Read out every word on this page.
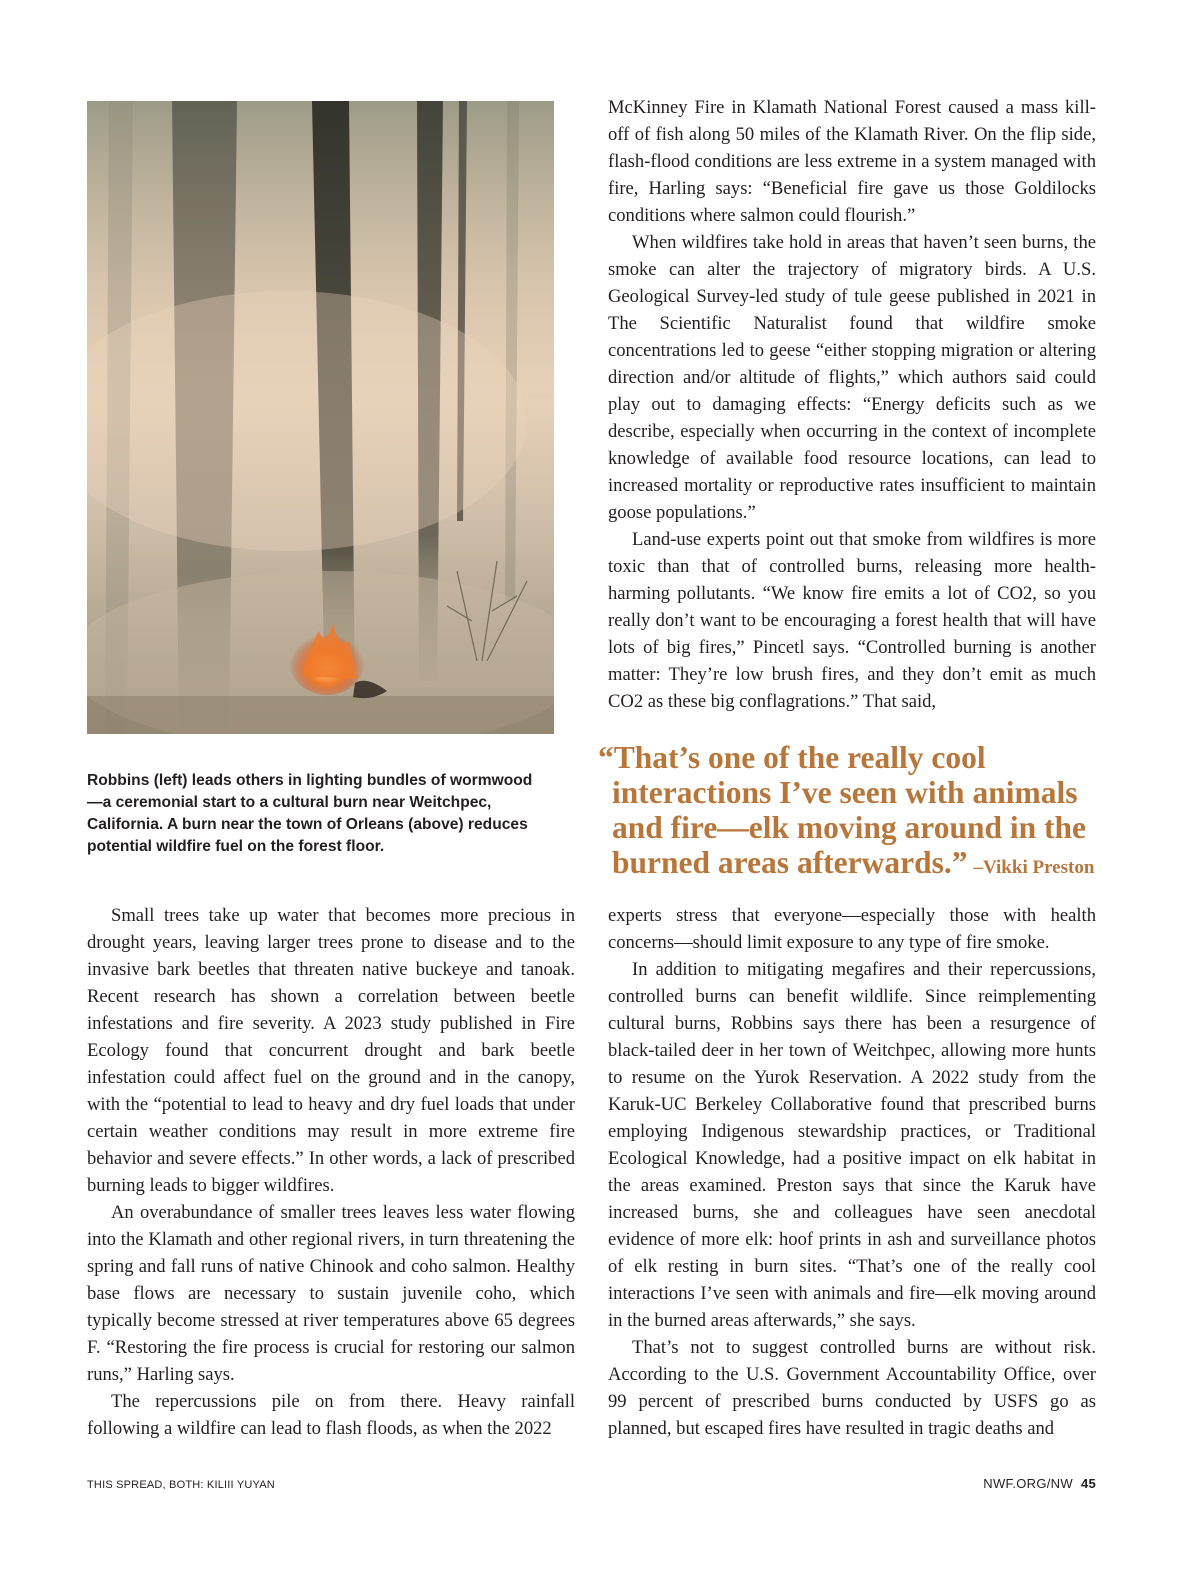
McKinney Fire in Klamath National Forest caused a mass kill-off of fish along 50 miles of the Klamath River. On the flip side, flash-flood conditions are less extreme in a system managed with fire, Harling says: “Beneficial fire gave us those Goldilocks conditions where salmon could flourish.”

When wildfires take hold in areas that haven’t seen burns, the smoke can alter the trajectory of migratory birds. A U.S. Geological Survey-led study of tule geese published in 2021 in The Scientific Naturalist found that wildfire smoke concentrations led to geese “either stopping migration or altering direction and/or altitude of flights,” which authors said could play out to damaging effects: “Energy deficits such as we describe, especially when occurring in the context of incomplete knowledge of available food resource locations, can lead to increased mortality or reproductive rates insufficient to maintain goose populations.”

Land-use experts point out that smoke from wildfires is more toxic than that of controlled burns, releasing more health-harming pollutants. “We know fire emits a lot of CO2, so you really don’t want to be encouraging a forest health that will have lots of big fires,” Pincetl says. “Controlled burning is another matter: They’re low brush fires, and they don’t emit as much CO2 as these big conflagrations.” That said,

Robbins (left) leads others in lighting bundles of wormwood—a ceremonial start to a cultural burn near Weitchpec, California. A burn near the town of Orleans (above) reduces potential wildfire fuel on the forest floor.
“That’s one of the really cool
interactions I’ve seen with animals
and fire—elk moving around in the
burned areas afterwards.” –Vikki Preston

Small trees take up water that becomes more precious in drought years, leaving larger trees prone to disease and to the invasive bark beetles that threaten native buckeye and tanoak. Recent research has shown a correlation between beetle infestations and fire severity. A 2023 study published in Fire Ecology found that concurrent drought and bark beetle infestation could affect fuel on the ground and in the canopy, with the “potential to lead to heavy and dry fuel loads that under certain weather conditions may result in more extreme fire behavior and severe effects.” In other words, a lack of prescribed burning leads to bigger wildfires.

An overabundance of smaller trees leaves less water flowing into the Klamath and other regional rivers, in turn threatening the spring and fall runs of native Chinook and coho salmon. Healthy base flows are necessary to sustain juvenile coho, which typically become stressed at river temperatures above 65 degrees F. “Restoring the fire process is crucial for restoring our salmon runs,” Harling says.

The repercussions pile on from there. Heavy rainfall following a wildfire can lead to flash floods, as when the 2022

experts stress that everyone—especially those with health concerns—should limit exposure to any type of fire smoke.

In addition to mitigating megafires and their repercussions, controlled burns can benefit wildlife. Since reimplementing cultural burns, Robbins says there has been a resurgence of black-tailed deer in her town of Weitchpec, allowing more hunts to resume on the Yurok Reservation. A 2022 study from the Karuk-UC Berkeley Collaborative found that prescribed burns employing Indigenous stewardship practices, or Traditional Ecological Knowledge, had a positive impact on elk habitat in the areas examined. Preston says that since the Karuk have increased burns, she and colleagues have seen anecdotal evidence of more elk: hoof prints in ash and surveillance photos of elk resting in burn sites. “That’s one of the really cool interactions I’ve seen with animals and fire—elk moving around in the burned areas afterwards,” she says.

That’s not to suggest controlled burns are without risk. According to the U.S. Government Accountability Office, over 99 percent of prescribed burns conducted by USFS go as planned, but escaped fires have resulted in tragic deaths and

THIS SPREAD, BOTH: KILIII YUYAN	NWF.ORG/NW 45
